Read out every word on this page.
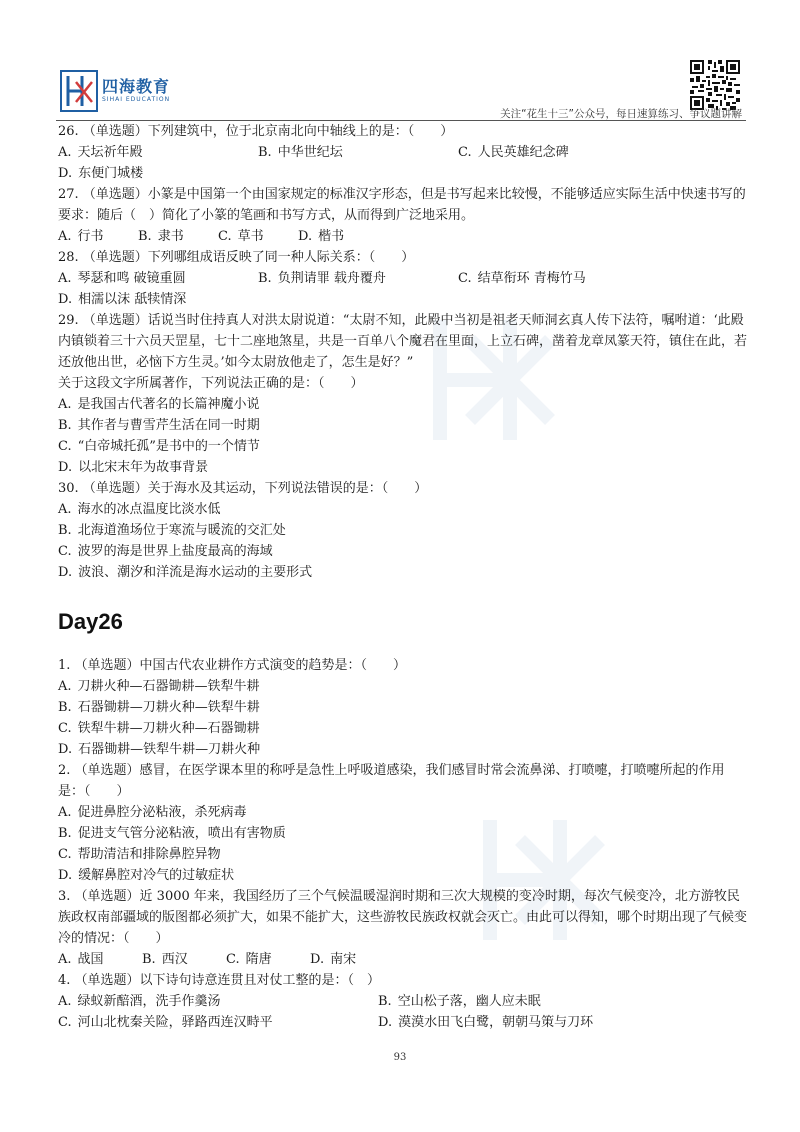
四海教育
SIHAI EDUCATION
关注“花生十三”公众号，每日速算练习、争议题讲解

26. （单选题）下列建筑中，位于北京南北向中轴线上的是：（　　）

A. 天坛祈年殿	B. 中华世纪坛	C. 人民英雄纪念碑
D. 东便门城楼

27. （单选题）小篆是中国第一个由国家规定的标准汉字形态，但是书写起来比较慢，不能够适应实际生活中快速书写的要求：随后（　）简化了小篆的笔画和书写方式，从而得到广泛地采用。

A. 行书	B. 隶书	C. 草书	D. 楷书

28. （单选题）下列哪组成语反映了同一种人际关系：（　　）

A. 琴瑟和鸣 破镜重圆	B. 负荆请罪 载舟覆舟	C. 结草衔环 青梅竹马
D. 相濡以沫 舐犊情深

29. （单选题）话说当时住持真人对洪太尉说道：“太尉不知，此殿中当初是祖老天师洞玄真人传下法符，嘱咐道：‘此殿内镇锁着三十六员天罡星，七十二座地煞星，共是一百单八个魔君在里面，上立石碑，凿着龙章凤篆天符，镇住在此，若还放他出世，必恼下方生灵。’如今太尉放他走了，怎生是好？”

关于这段文字所属著作，下列说法正确的是：（　　）

A. 是我国古代著名的长篇神魔小说
B. 其作者与曹雪芹生活在同一时期
C. “白帝城托孤”是书中的一个情节
D. 以北宋末年为故事背景

30. （单选题）关于海水及其运动，下列说法错误的是：（　　）

A. 海水的冰点温度比淡水低
B. 北海道渔场位于寒流与暖流的交汇处
C. 波罗的海是世界上盐度最高的海域
D. 波浪、潮汐和洋流是海水运动的主要形式
Day26

1. （单选题）中国古代农业耕作方式演变的趋势是：（　　）

A. 刀耕火种—石器锄耕—铁犁牛耕
B. 石器锄耕—刀耕火种—铁犁牛耕
C. 铁犁牛耕—刀耕火种—石器锄耕
D. 石器锄耕—铁犁牛耕—刀耕火种

2. （单选题）感冒，在医学课本里的称呼是急性上呼吸道感染，我们感冒时常会流鼻涕、打喷嚏，打喷嚏所起的作用是：（　　）

A. 促进鼻腔分泌粘液，杀死病毒
B. 促进支气管分泌粘液，喷出有害物质
C. 帮助清洁和排除鼻腔异物
D. 缓解鼻腔对冷气的过敏症状

3. （单选题）近 3000 年来，我国经历了三个气候温暖湿润时期和三次大规模的变冷时期，每次气候变冷，北方游牧民族政权南部疆域的版图都必须扩大，如果不能扩大，这些游牧民族政权就会灭亡。由此可以得知，哪个时期出现了气候变冷的情况：（　　）

A. 战国	B. 西汉	C. 隋唐	D. 南宋

4. （单选题）以下诗句诗意连贯且对仗工整的是：（　）

A. 绿蚁新醅酒，洗手作羹汤	B. 空山松子落，幽人应未眠
C. 河山北枕秦关险，驿路西连汉畤平	D. 漠漠水田飞白鹭，朝朝马策与刀环
93
